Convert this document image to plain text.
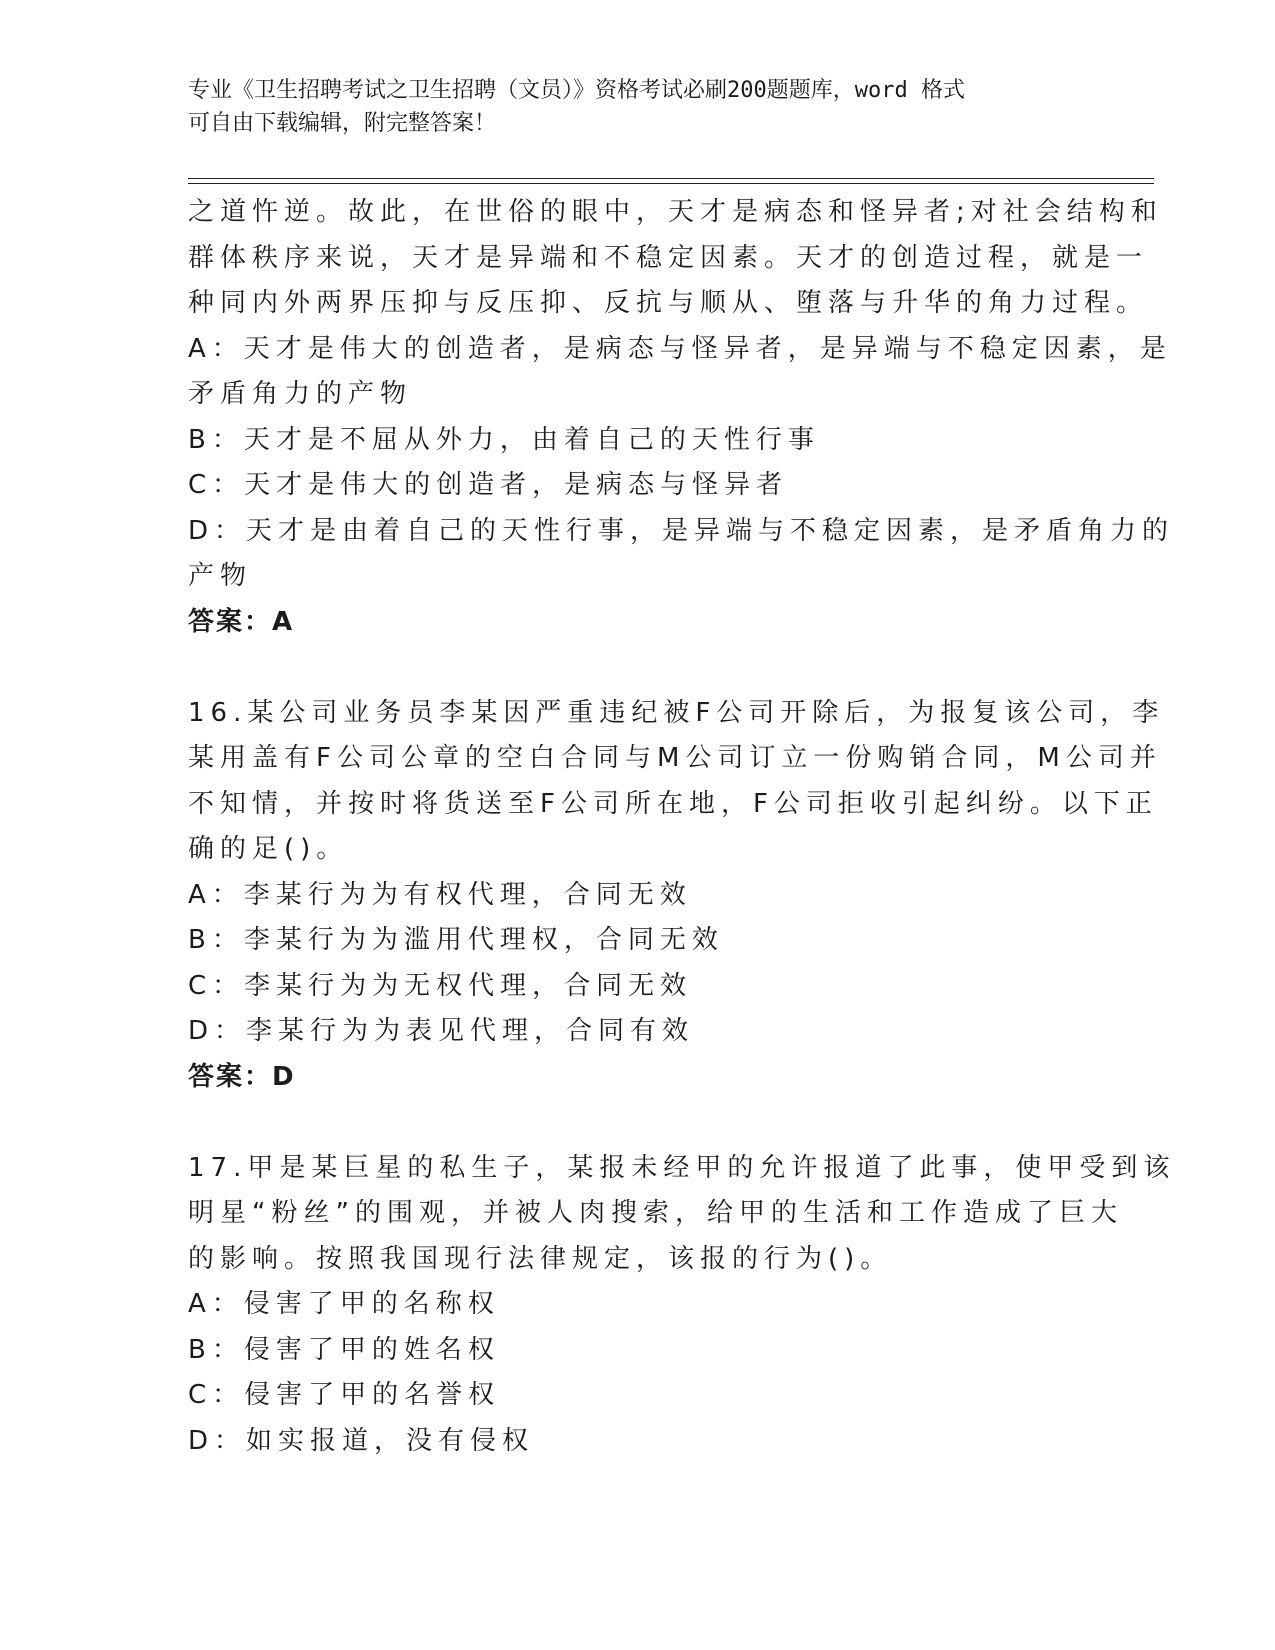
专业《卫生招聘考试之卫生招聘（文员）》资格考试必刷200题题库，word 格式
可自由下载编辑，附完整答案！
之道忤逆。故此，在世俗的眼中，天才是病态和怪异者;对社会结构和
群体秩序来说，天才是异端和不稳定因素。天才的创造过程，就是一
种同内外两界压抑与反压抑、反抗与顺从、堕落与升华的角力过程。
A：天才是伟大的创造者，是病态与怪异者，是异端与不稳定因素，是
矛盾角力的产物
B：天才是不屈从外力，由着自己的天性行事
C：天才是伟大的创造者，是病态与怪异者
D：天才是由着自己的天性行事，是异端与不稳定因素，是矛盾角力的
产物
答案：A
16.某公司业务员李某因严重违纪被F公司开除后，为报复该公司，李
某用盖有F公司公章的空白合同与M公司订立一份购销合同，M公司并
不知情，并按时将货送至F公司所在地，F公司拒收引起纠纷。以下正
确的足()。
A：李某行为为有权代理，合同无效
B：李某行为为滥用代理权，合同无效
C：李某行为为无权代理，合同无效
D：李某行为为表见代理，合同有效
答案：D
17.甲是某巨星的私生子，某报未经甲的允许报道了此事，使甲受到该
明星“粉丝”的围观，并被人肉搜索，给甲的生活和工作造成了巨大
的影响。按照我国现行法律规定，该报的行为()。
A：侵害了甲的名称权
B：侵害了甲的姓名权
C：侵害了甲的名誉权
D：如实报道，没有侵权
